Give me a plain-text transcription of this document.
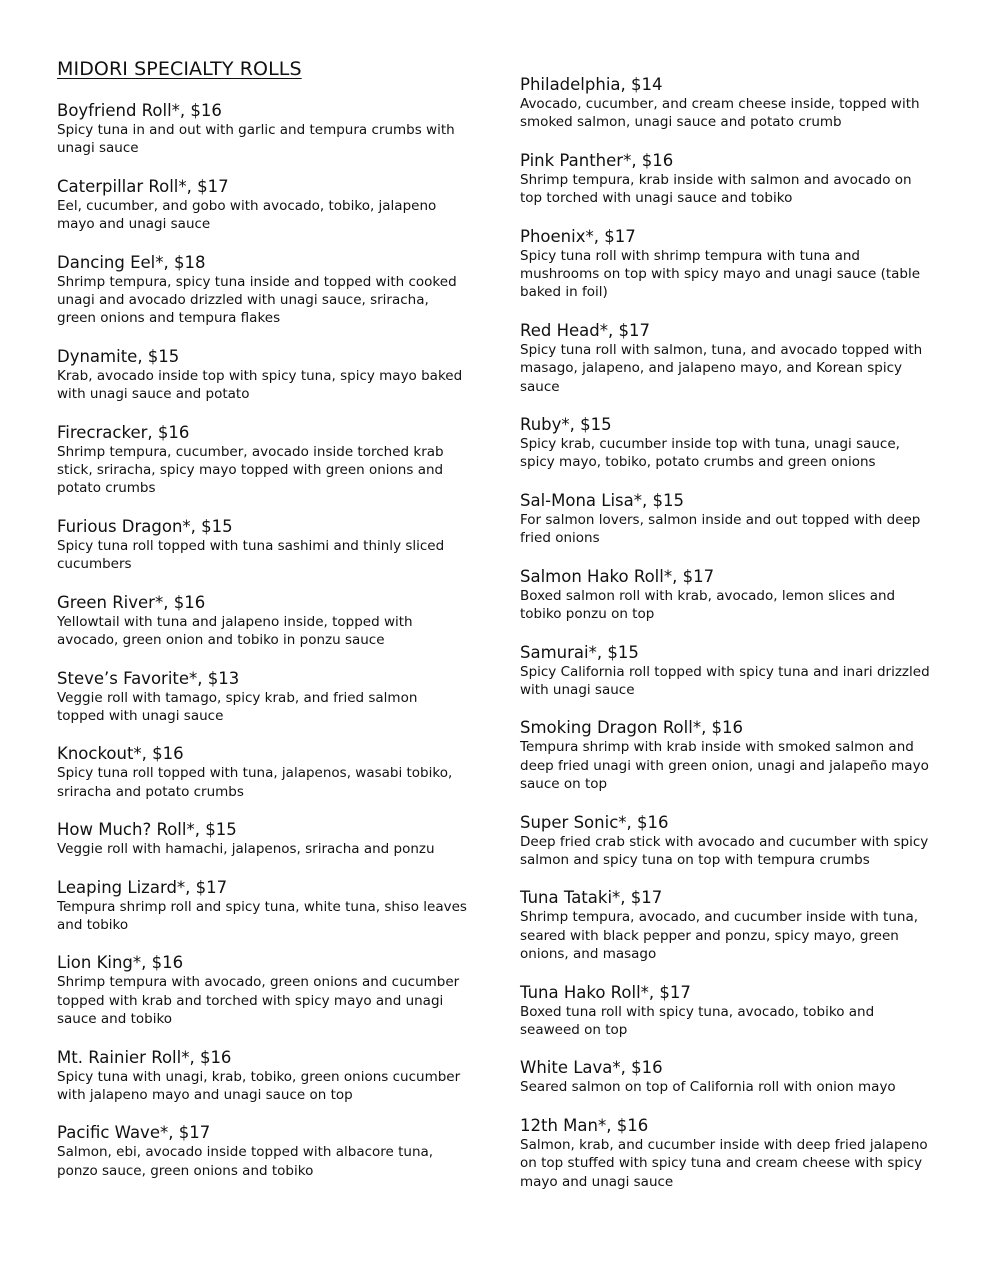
MIDORI SPECIALTY ROLLS
Boyfriend Roll*, $16
Spicy tuna in and out with garlic and tempura crumbs with unagi sauce
Caterpillar Roll*, $17
Eel, cucumber, and gobo with avocado, tobiko, jalapeno mayo and unagi sauce
Dancing Eel*, $18
Shrimp tempura, spicy tuna inside and topped with cooked unagi and avocado drizzled with unagi sauce, sriracha, green onions and tempura flakes
Dynamite, $15
Krab, avocado inside top with spicy tuna, spicy mayo baked with unagi sauce and potato
Firecracker, $16
Shrimp tempura, cucumber, avocado inside torched krab stick, sriracha, spicy mayo topped with green onions and potato crumbs
Furious Dragon*, $15
Spicy tuna roll topped with tuna sashimi and thinly sliced cucumbers
Green River*, $16
Yellowtail with tuna and jalapeno inside, topped with avocado, green onion and tobiko in ponzu sauce
Steve’s Favorite*, $13
Veggie roll with tamago, spicy krab, and fried salmon topped with unagi sauce
Knockout*, $16
Spicy tuna roll topped with tuna, jalapenos, wasabi tobiko, sriracha and potato crumbs
How Much? Roll*, $15
Veggie roll with hamachi, jalapenos, sriracha and ponzu
Leaping Lizard*, $17
Tempura shrimp roll and spicy tuna, white tuna, shiso leaves and tobiko
Lion King*, $16
Shrimp tempura with avocado, green onions and cucumber topped with krab and torched with spicy mayo and unagi sauce and tobiko
Mt. Rainier Roll*, $16
Spicy tuna with unagi, krab, tobiko, green onions cucumber with jalapeno mayo and unagi sauce on top
Pacific Wave*, $17
Salmon, ebi, avocado inside topped with albacore tuna, ponzo sauce, green onions and tobiko
Philadelphia, $14
Avocado, cucumber, and cream cheese inside, topped with smoked salmon, unagi sauce and potato crumb
Pink Panther*, $16
Shrimp tempura, krab inside with salmon and avocado on top torched with unagi sauce and tobiko
Phoenix*, $17
Spicy tuna roll with shrimp tempura with tuna and mushrooms on top with spicy mayo and unagi sauce (table baked in foil)
Red Head*, $17
Spicy tuna roll with salmon, tuna, and avocado topped with masago, jalapeno, and jalapeno mayo, and Korean spicy sauce
Ruby*, $15
Spicy krab, cucumber inside top with tuna, unagi sauce, spicy mayo, tobiko, potato crumbs and green onions
Sal-Mona Lisa*, $15
For salmon lovers, salmon inside and out topped with deep fried onions
Salmon Hako Roll*, $17
Boxed salmon roll with krab, avocado, lemon slices and tobiko ponzu on top
Samurai*, $15
Spicy California roll topped with spicy tuna and inari drizzled with unagi sauce
Smoking Dragon Roll*, $16
Tempura shrimp with krab inside with smoked salmon and deep fried unagi with green onion, unagi and jalapeño mayo sauce on top
Super Sonic*, $16
Deep fried crab stick with avocado and cucumber with spicy salmon and spicy tuna on top with tempura crumbs
Tuna Tataki*, $17
Shrimp tempura, avocado, and cucumber inside with tuna, seared with black pepper and ponzu, spicy mayo, green onions, and masago
Tuna Hako Roll*, $17
Boxed tuna roll with spicy tuna, avocado, tobiko and seaweed on top
White Lava*, $16
Seared salmon on top of California roll with onion mayo
12th Man*, $16
Salmon, krab, and cucumber inside with deep fried jalapeno on top stuffed with spicy tuna and cream cheese with spicy mayo and unagi sauce
